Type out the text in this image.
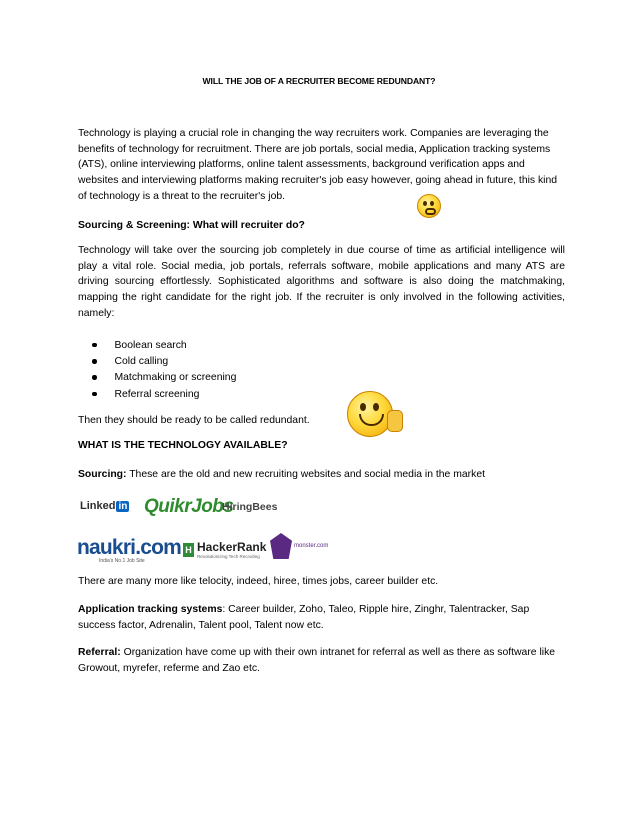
WILL THE JOB OF A RECRUITER BECOME REDUNDANT?
Technology is playing a crucial role in changing the way recruiters work. Companies are leveraging the benefits of technology for recruitment. There are job portals, social media, Application tracking systems (ATS), online interviewing platforms, online talent assessments, background verification apps and websites and interviewing platforms making recruiter's job easy however, going ahead in future, this kind of technology is a threat to the recruiter's job.
Sourcing & Screening: What will recruiter do?
Technology will take over the sourcing job completely in due course of time as artificial intelligence will play a vital role. Social media, job portals, referrals software, mobile applications and many ATS are driving sourcing effortlessly. Sophisticated algorithms and software is also doing the matchmaking, mapping the right candidate for the right job. If the recruiter is only involved in the following activities, namely:
Boolean search
Cold calling
Matchmaking or screening
Referral screening
Then they should be ready to be called redundant.
WHAT IS THE TECHNOLOGY AVAILABLE?
Sourcing: These are the old and new recruiting websites and social media in the market
Linked in QuikrJobs
HiringBees
naukri.com
India's No.1 Job Site
H HackerRank
Revolutionizing Tech Recruiting
monster.com
There are many more like telocity, indeed, hiree, times jobs, career builder etc.
Application tracking systems: Career builder, Zoho, Taleo, Ripple hire, Zinghr, Talentracker, Sap success factor, Adrenalin, Talent pool, Talent now etc.
Referral: Organization have come up with their own intranet for referral as well as there as software like Growout, myrefer, referme and Zao etc.
